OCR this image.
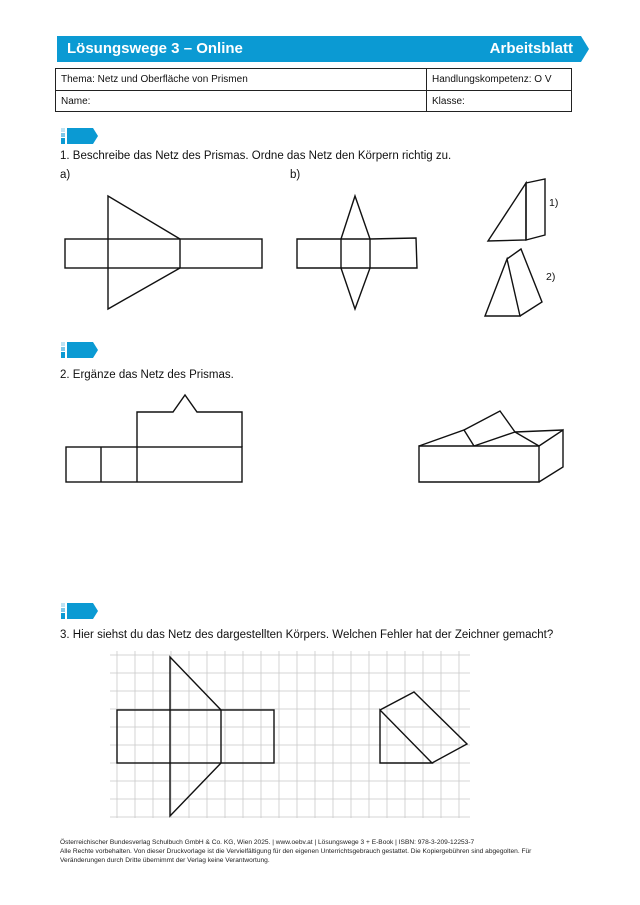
Lösungswege 3 – Online	Arbeitsblatt
Thema: Netz und Oberfläche von Prismen	Handlungskompetenz: O V
Name:	Klasse:
1. Beschreibe das Netz des Prismas. Ordne das Netz den Körpern richtig zu.
a)	b)
1)
2)
2. Ergänze das Netz des Prismas.
3. Hier siehst du das Netz des dargestellten Körpers. Welchen Fehler hat der Zeichner gemacht?
Österreichischer Bundesverlag Schulbuch GmbH & Co. KG, Wien 2025. | www.oebv.at | Lösungswege 3 + E-Book | ISBN: 978-3-209-12253-7
Alle Rechte vorbehalten. Von dieser Druckvorlage ist die Vervielfältigung für den eigenen Unterrichtsgebrauch gestattet. Die Kopiergebühren sind abgegolten. Für
Veränderungen durch Dritte übernimmt der Verlag keine Verantwortung.
